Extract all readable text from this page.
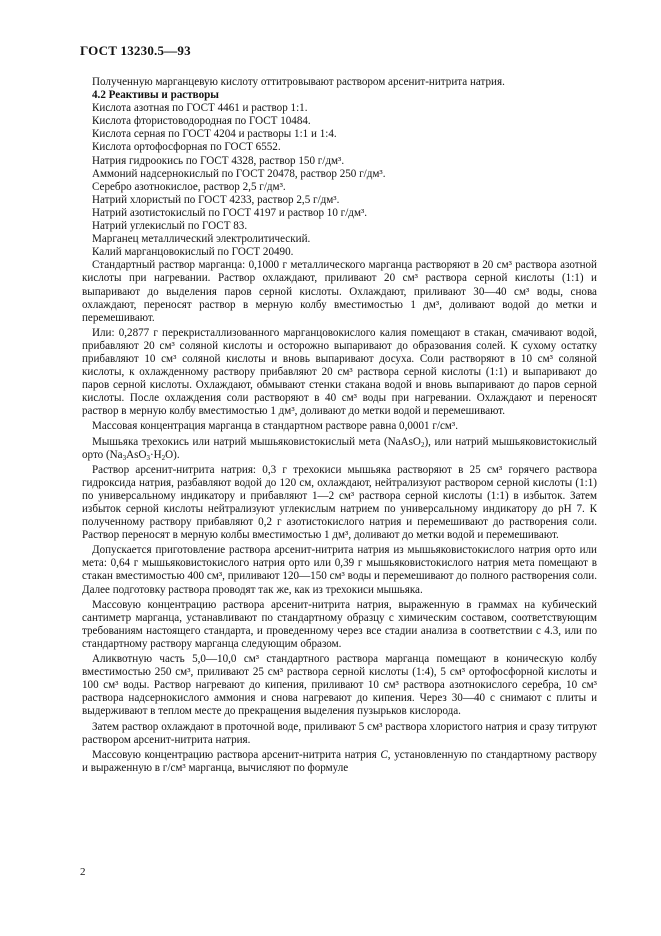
ГОСТ 13230.5—93

Полученную марганцевую кислоту оттитровывают раствором арсенит-нитрита натрия.

4.2 Реактивы и растворы

Кислота азотная по ГОСТ 4461 и раствор 1:1.

Кислота фтористоводородная по ГОСТ 10484.

Кислота серная по ГОСТ 4204 и растворы 1:1 и 1:4.

Кислота ортофосфорная по ГОСТ 6552.

Натрия гидроокись по ГОСТ 4328, раствор 150 г/дм³.

Аммоний надсернокислый по ГОСТ 20478, раствор 250 г/дм³.

Серебро азотнокислое, раствор 2,5 г/дм³.

Натрий хлористый по ГОСТ 4233, раствор 2,5 г/дм³.

Натрий азотистокислый по ГОСТ 4197 и раствор 10 г/дм³.

Натрий углекислый по ГОСТ 83.

Марганец металлический электролитический.

Калий марганцовокислый по ГОСТ 20490.

Стандартный раствор марганца: 0,1000 г металлического марганца растворяют в 20 см³ раствора азотной кислоты при нагревании. Раствор охлаждают, приливают 20 см³ раствора серной кислоты (1:1) и выпаривают до выделения паров серной кислоты. Охлаждают, приливают 30—40 см³ воды, снова охлаждают, переносят раствор в мерную колбу вместимостью 1 дм³, доливают водой до метки и перемешивают.

Или: 0,2877 г перекристаллизованного марганцовокислого калия помещают в стакан, смачивают водой, прибавляют 20 см³ соляной кислоты и осторожно выпаривают до образования солей. К сухому остатку прибавляют 10 см³ соляной кислоты и вновь выпаривают досуха. Соли растворяют в 10 см³ соляной кислоты, к охлажденному раствору прибавляют 20 см³ раствора серной кислоты (1:1) и выпаривают до паров серной кислоты. Охлаждают, обмывают стенки стакана водой и вновь выпаривают до паров серной кислоты. После охлаждения соли растворяют в 40 см³ воды при нагревании. Охлаждают и переносят раствор в мерную колбу вместимостью 1 дм³, доливают до метки водой и перемешивают.

Массовая концентрация марганца в стандартном растворе равна 0,0001 г/см³.

Мышьяка трехокись или натрий мышьяковистокислый мета (NaAsO$_2$), или натрий мышьяковистокислый орто $(Na_3AsO_3\cdot H_2O)$.

Раствор арсенит-нитрита натрия: 0,3 г трехокиси мышьяка растворяют в 25 см³ горячего раствора гидроксида натрия, разбавляют водой до 120 см, охлаждают, нейтрализуют раствором серной кислоты (1:1) по универсальному индикатору и прибавляют 1—2 см³ раствора серной кислоты (1:1) в избыток. Затем избыток серной кислоты нейтрализуют углекислым натрием по универсальному индикатору до pH 7. К полученному раствору прибавляют 0,2 г азотистокислого натрия и перемешивают до растворения соли. Раствор переносят в мерную колбы вместимостью 1 дм³, доливают до метки водой и перемешивают.

Допускается приготовление раствора арсенит-нитрита натрия из мышьяковистокислого натрия орто или мета: 0,64 г мышьяковистокислого натрия орто или 0,39 г мышьяковистокислого натрия мета помещают в стакан вместимостью 400 см³, приливают 120—150 см³ воды и перемешивают до полного растворения соли. Далее подготовку раствора проводят так же, как из трехокиси мышьяка.

Массовую концентрацию раствора арсенит-нитрита натрия, выраженную в граммах на кубический сантиметр марганца, устанавливают по стандартному образцу с химическим составом, соответствующим требованиям настоящего стандарта, и проведенному через все стадии анализа в соответствии с 4.3, или по стандартному раствору марганца следующим образом.

Аликвотную часть 5,0—10,0 см³ стандартного раствора марганца помещают в коническую колбу вместимостью 250 см³, приливают 25 см³ раствора серной кислоты (1:4), 5 см³ ортофосфорной кислоты и 100 см³ воды. Раствор нагревают до кипения, приливают 10 см³ раствора азотнокислого серебра, 10 см³ раствора надсернокислого аммония и снова нагревают до кипения. Через 30—40 с снимают с плиты и выдерживают в теплом месте до прекращения выделения пузырьков кислорода.

Затем раствор охлаждают в проточной воде, приливают 5 см³ раствора хлористого натрия и сразу титруют раствором арсенит-нитрита натрия.

Массовую концентрацию раствора арсенит-нитрита натрия C, установленную по стандартному раствору и выраженную в г/см³ марганца, вычисляют по формуле

2
